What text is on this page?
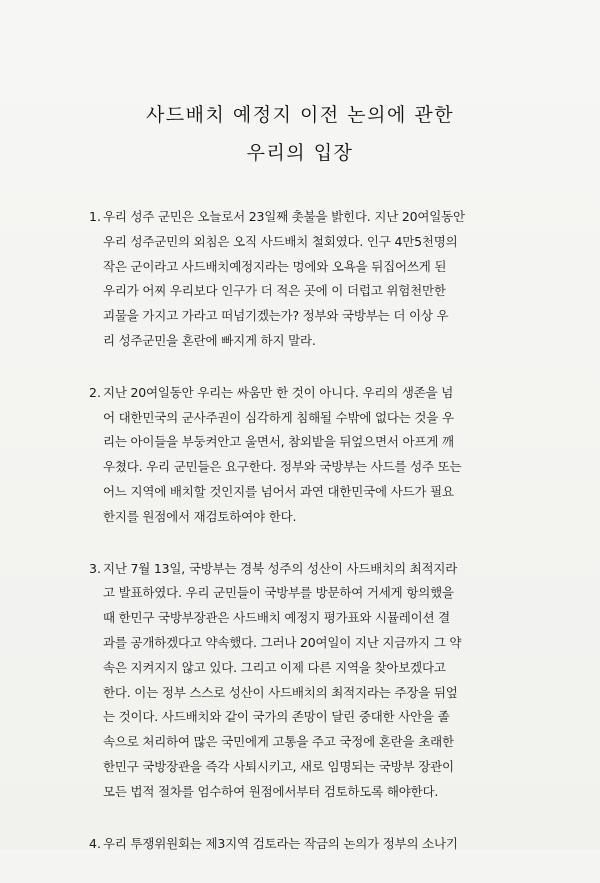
사드배치 예정지 이전 논의에 관한
우리의 입장
1. 우리 성주 군민은 오늘로서 23일째 촛불을 밝힌다. 지난 20여일동안
우리 성주군민의 외침은 오직 사드배치 철회였다. 인구 4만5천명의
작은 군이라고 사드배치예정지라는 멍에와 오욕을 뒤집어쓰게 된
우리가 어찌 우리보다 인구가 더 적은 곳에 이 더럽고 위험천만한
괴물을 가지고 가라고 떠넘기겠는가? 정부와 국방부는 더 이상 우
리 성주군민을 혼란에 빠지게 하지 말라.
2. 지난 20여일동안 우리는 싸움만 한 것이 아니다. 우리의 생존을 넘
어 대한민국의 군사주권이 심각하게 침해될 수밖에 없다는 것을 우
리는 아이들을 부둥켜안고 울면서, 참외밭을 뒤엎으면서 아프게 깨
우쳤다. 우리 군민들은 요구한다. 정부와 국방부는 사드를 성주 또는
어느 지역에 배치할 것인지를 넘어서 과연 대한민국에 사드가 필요
한지를 원점에서 재검토하여야 한다.
3. 지난 7월 13일, 국방부는 경북 성주의 성산이 사드배치의 최적지라
고 발표하였다. 우리 군민들이 국방부를 방문하여 거세게 항의했을
때 한민구 국방부장관은 사드배치 예정지 평가표와 시뮬레이션 결
과를 공개하겠다고 약속했다. 그러나 20여일이 지난 지금까지 그 약
속은 지켜지지 않고 있다. 그리고 이제 다른 지역을 찾아보겠다고
한다. 이는 정부 스스로 성산이 사드배치의 최적지라는 주장을 뒤엎
는 것이다. 사드배치와 같이 국가의 존망이 달린 중대한 사안을 졸
속으로 처리하여 많은 국민에게 고통을 주고 국정에 혼란을 초래한
한민구 국방장관을 즉각 사퇴시키고, 새로 임명되는 국방부 장관이
모든 법적 절차를 엄수하여 원점에서부터 검토하도록 해야한다.
4. 우리 투쟁위원회는 제3지역 검토라는 작금의 논의가 정부의 소나기
